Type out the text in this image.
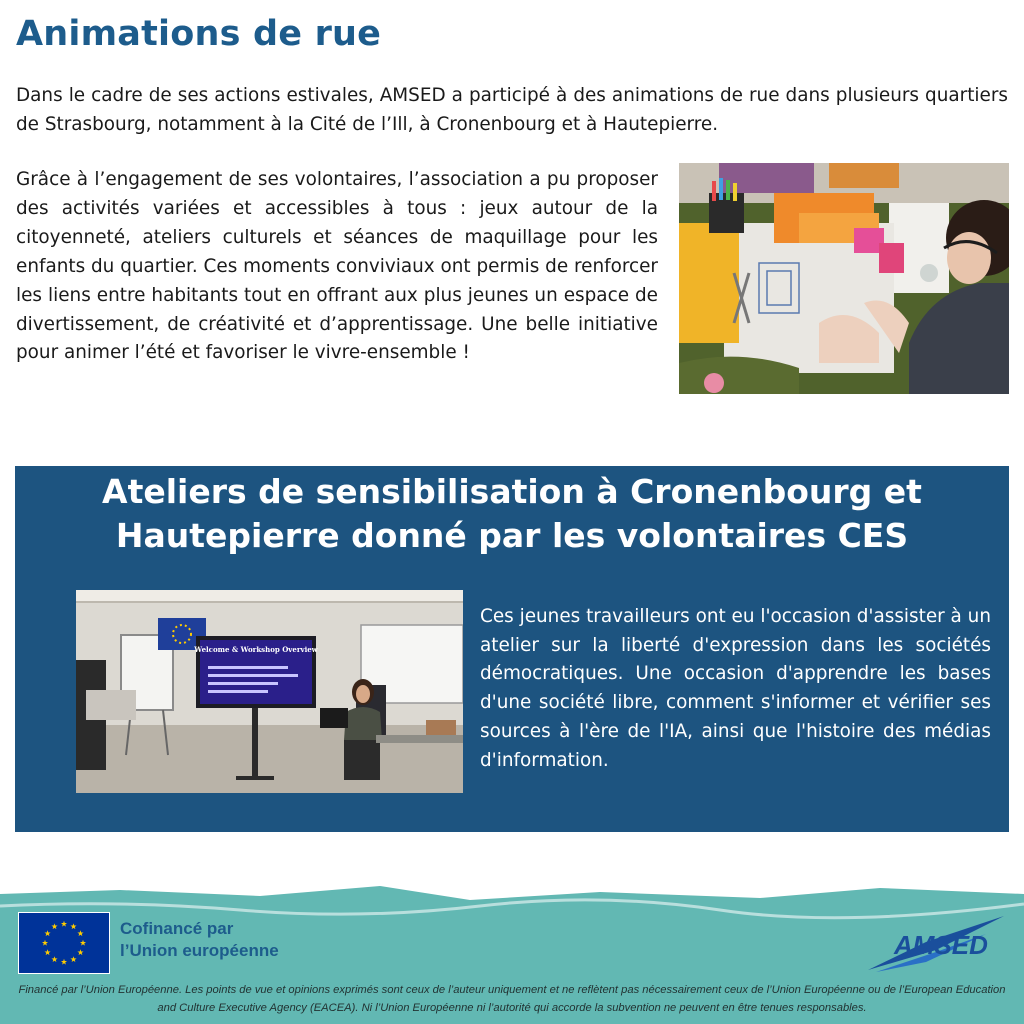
Animations de rue

Dans le cadre de ses actions estivales, AMSED a participé à des animations de rue dans plusieurs quartiers de Strasbourg, notamment à la Cité de l’Ill, à Cronenbourg et à Hautepierre.

Grâce à l’engagement de ses volontaires, l’association a pu proposer des activités variées et accessibles à tous : jeux autour de la citoyenneté, ateliers culturels et séances de maquillage pour les enfants du quartier. Ces moments conviviaux ont permis de renforcer les liens entre habitants tout en offrant aux plus jeunes un espace de divertissement, de créativité et d’apprentissage. Une belle initiative pour animer l’été et favoriser le vivre-ensemble !

Ateliers de sensibilisation à Cronenbourg et Hautepierre donné par les volontaires CES
Welcome & Workshop Overview

Ces jeunes travailleurs ont eu l'occasion d'assister à un atelier sur la liberté d'expression dans les sociétés démocratiques. Une occasion d'apprendre les bases d'une société libre, comment s'informer et vérifier ses sources à l'ère de l'IA, ainsi que l'histoire des médias d'information.

Cofinancé par
l’Union européenne	AMSED

Financé par l’Union Européenne. Les points de vue et opinions exprimés sont ceux de l’auteur uniquement et ne reflètent pas nécessairement ceux de l’Union Européenne ou de l’European Education and Culture Executive Agency (EACEA). Ni l’Union Européenne ni l’autorité qui accorde la subvention ne peuvent en être tenues responsables.
